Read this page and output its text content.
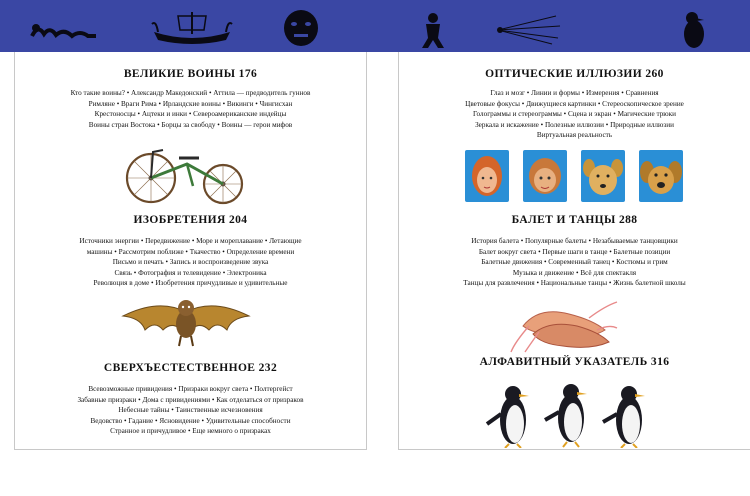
ВЕЛИКИЕ ВОИНЫ 176
Кто такие воины? • Александр Македонский • Аттила — предводитель гуннов
Римляне • Враги Рима • Ирландские воины • Викинги • Чингисхан
Крестоносцы • Ацтеки и инки • Североамериканские индейцы
Воины стран Востока • Борцы за свободу • Воины — герои мифов
ИЗОБРЕТЕНИЯ 204
Источники энергии • Передвижение • Море и мореплавание • Летающие
машины • Рассмотрим поближе • Ткачество • Определение времени
Письмо и печать • Запись и воспроизведение звука
Связь • Фотография и телевидение • Электроника
Революция в доме • Изобретения причудливые и удивительные
СВЕРХЪЕСТЕСТВЕННОЕ 232
Всевозможные привидения • Призраки вокруг света • Полтергейст
Забавные призраки • Дома с привидениями • Как отделаться от призраков
Небесные тайны • Таинственные исчезновения
Ведовство • Гадание • Ясновидение • Удивительные способности
Странное и причудливое • Еще немного о призраках
ОПТИЧЕСКИЕ ИЛЛЮЗИИ 260
Глаз и мозг • Линии и формы • Измерения • Сравнения
Цветовые фокусы • Движущиеся картинки • Стереоскопическое зрение
Голограммы и стереограммы • Сцена и экран • Магические трюки
Зеркала и искажение • Полезные иллюзии • Природные иллюзии
Виртуальная реальность
БАЛЕТ И ТАНЦЫ 288
История балета • Популярные балеты • Незабываемые танцовщики
Балет вокруг света • Первые шаги в танце • Балетные позиции
Балетные движения • Современный танец • Костюмы и грим
Музыка и движение • Всё для спектакля
Танцы для развлечения • Национальные танцы • Жизнь балетной школы
АЛФАВИТНЫЙ УКАЗАТЕЛЬ 316
